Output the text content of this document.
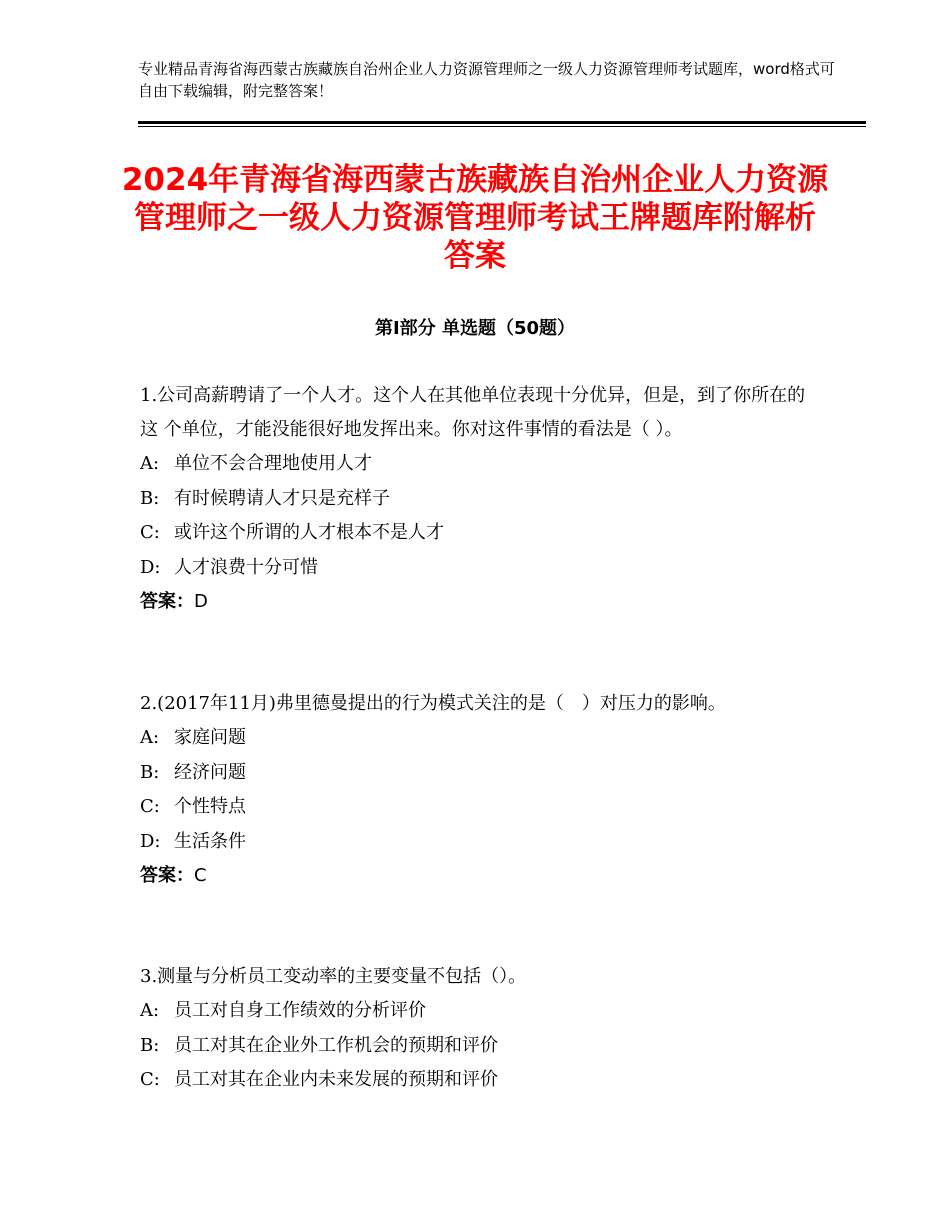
专业精品青海省海西蒙古族藏族自治州企业人力资源管理师之一级人力资源管理师考试题库，word格式可自由下载编辑，附完整答案！
2024年青海省海西蒙古族藏族自治州企业人力资源管理师之一级人力资源管理师考试王牌题库附解析答案
第Ⅰ部分 单选题（50题）
1.公司高薪聘请了一个人才。这个人在其他单位表现十分优异，但是，到了你所在的这 个单位，才能没能很好地发挥出来。你对这件事情的看法是（ ）。
A: 单位不会合理地使用人才
B: 有时候聘请人才只是充样子
C: 或许这个所谓的人才根本不是人才
D: 人才浪费十分可惜
答案：D
2.(2017年11月)弗里德曼提出的行为模式关注的是（　）对压力的影响。
A: 家庭问题
B: 经济问题
C: 个性特点
D: 生活条件
答案：C
3.测量与分析员工变动率的主要变量不包括（）。
A: 员工对自身工作绩效的分析评价
B: 员工对其在企业外工作机会的预期和评价
C: 员工对其在企业内未来发展的预期和评价
